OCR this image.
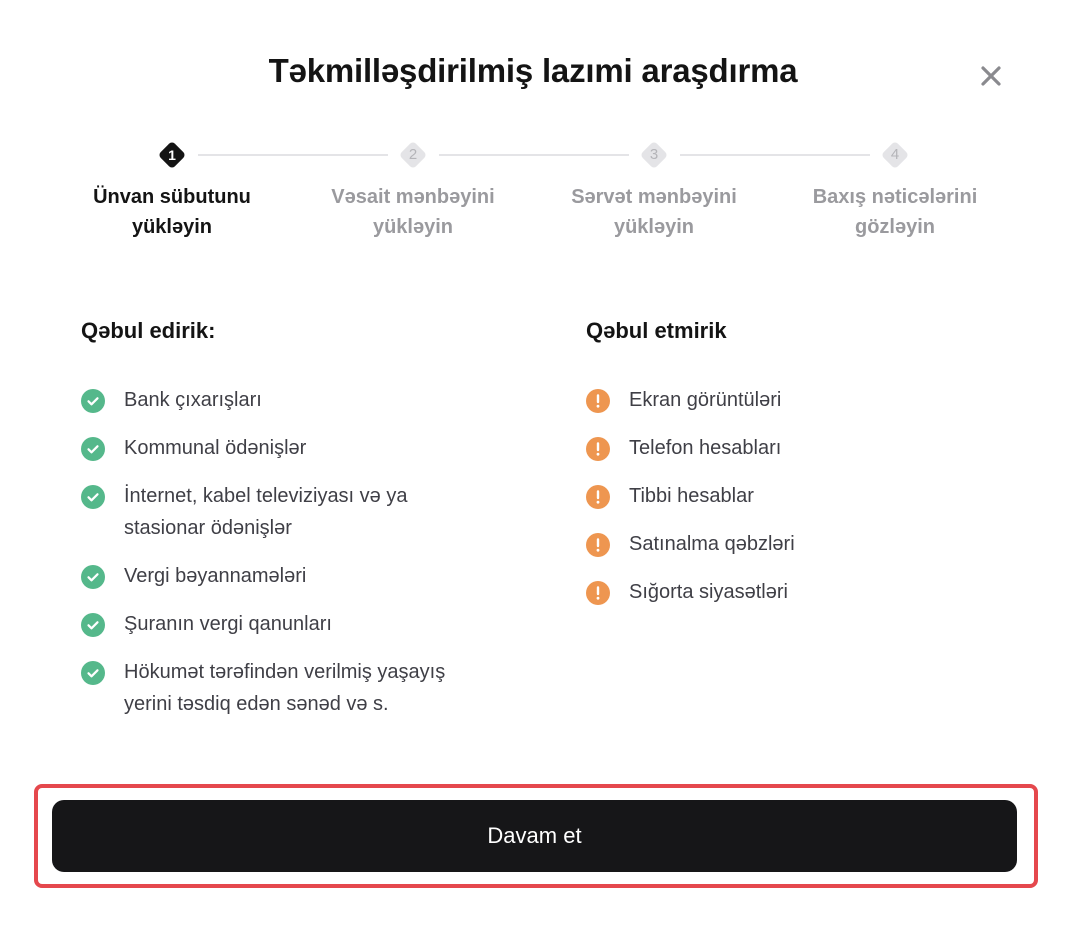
Təkmilləşdirilmiş lazımi araşdırma
1
Ünvan sübutunu
yükləyin
2
Vəsait mənbəyini
yükləyin
3
Sərvət mənbəyini
yükləyin
4
Baxış nəticələrini
gözləyin
Qəbul edirik:
Bank çıxarışları
Kommunal ödənişlər
İnternet, kabel televiziyası və ya stasionar ödənişlər
Vergi bəyannamələri
Şuranın vergi qanunları
Hökumət tərəfindən verilmiş yaşayış yerini təsdiq edən sənəd və s.
Qəbul etmirik
Ekran görüntüləri
Telefon hesabları
Tibbi hesablar
Satınalma qəbzləri
Sığorta siyasətləri
Davam et
